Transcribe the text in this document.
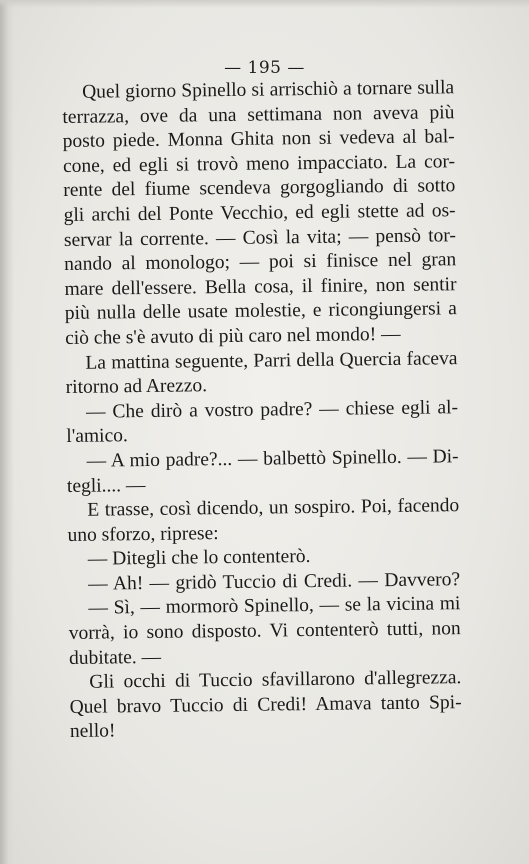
— 195 —
Quel giorno Spinello si arrischiò a tornare sulla
terrazza, ove da una settimana non aveva più
posto piede. Monna Ghita non si vedeva al bal-
cone, ed egli si trovò meno impacciato. La cor-
rente del fiume scendeva gorgogliando di sotto
gli archi del Ponte Vecchio, ed egli stette ad os-
servar la corrente. — Così la vita; — pensò tor-
nando al monologo; — poi si finisce nel gran
mare dell'essere. Bella cosa, il finire, non sentir
più nulla delle usate molestie, e ricongiungersi a
ciò che s'è avuto di più caro nel mondo! —
La mattina seguente, Parri della Quercia faceva
ritorno ad Arezzo.
— Che dirò a vostro padre? — chiese egli al-
l'amico.
— A mio padre?... — balbettò Spinello. — Di-
tegli.... —
E trasse, così dicendo, un sospiro. Poi, facendo
uno sforzo, riprese:
— Ditegli che lo contenterò.
— Ah! — gridò Tuccio di Credi. — Davvero?
— Sì, — mormorò Spinello, — se la vicina mi
vorrà, io sono disposto. Vi contenterò tutti, non
dubitate. —
Gli occhi di Tuccio sfavillarono d'allegrezza.
Quel bravo Tuccio di Credi! Amava tanto Spi-
nello!
